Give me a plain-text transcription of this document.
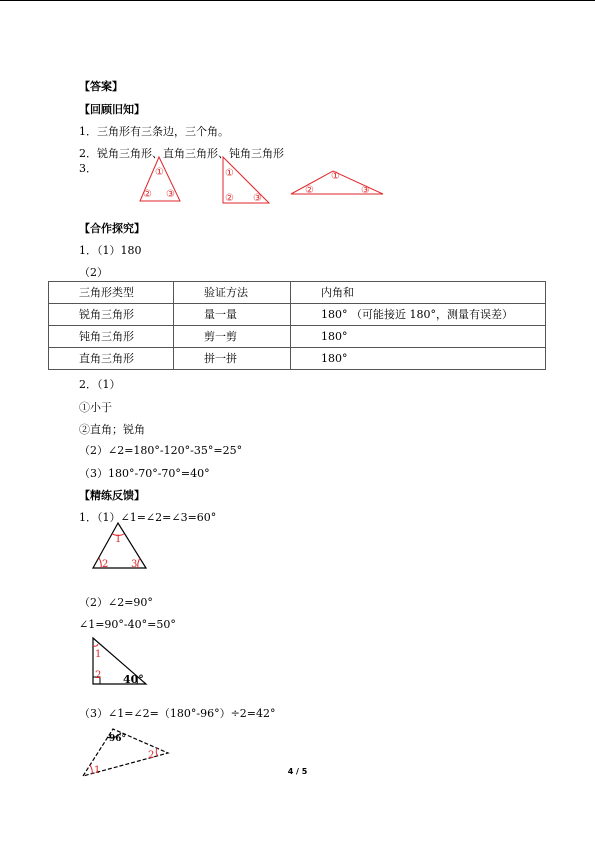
【答案】
【回顾旧知】
1．三角形有三条边，三个角。
2．锐角三角形、直角三角形、钝角三角形
3．	①
② ③
①
② ③
①
②	③
【合作探究】
1．（1）180
（2）
三角形类型	验证方法	内角和
锐角三角形	量一量	180° （可能接近 180°，测量有误差）
钝角三角形	剪一剪	180°
直角三角形	拼一拼	180°
2．（1）
①小于
②直角；锐角
（2）∠2=180°-120°-35°=25°
（3）180°-70°-70°=40°
【精练反馈】
1．（1）∠1=∠2=∠3=60°
1
2 3
（2）∠2=90°
∠1=90°-40°=50°
1
2 40°
（3）∠1=∠2=（180°-96°）÷2=42°
96°
1
2
4 / 5
